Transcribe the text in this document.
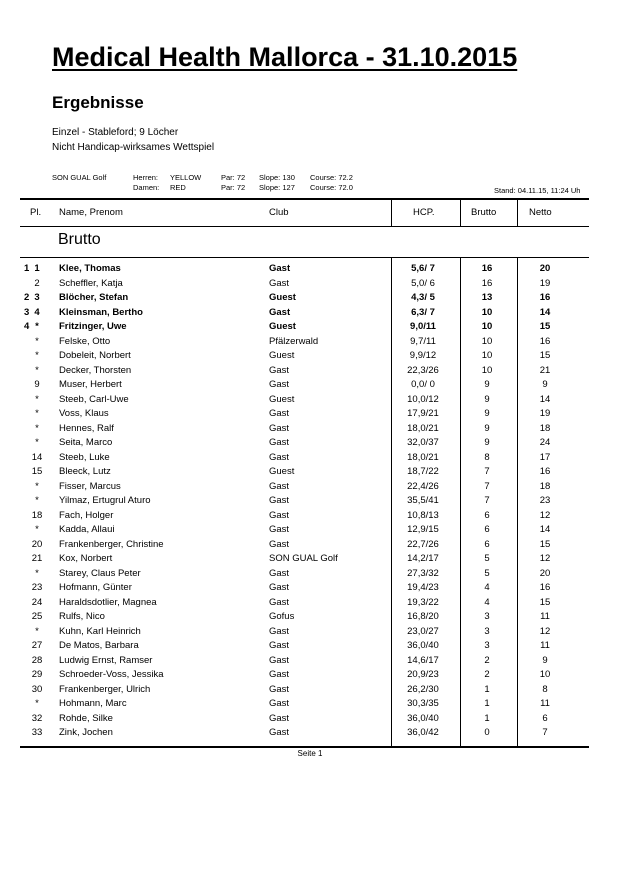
Medical Health Mallorca - 31.10.2015
Ergebnisse
Einzel - Stableford; 9 Löcher
Nicht Handicap-wirksames Wettspiel
SON GUAL Golf	Herren: YELLOW	Par: 72 Slope: 130 Course: 72.2
Damen: RED	Par: 72 Slope: 127 Course: 72.0	Stand: 04.11.15, 11:24 Uh
Pl. Name, Prenom	Club	HCP.	Brutto	Netto
Brutto
1 1	Klee, Thomas	Gast	5,6/ 7	16	20
2	Scheffler, Katja	Gast	5,0/ 6	16	19
2 3	Blöcher, Stefan	Guest	4,3/ 5	13	16
3 4	Kleinsman, Bertho	Gast	6,3/ 7	10	14
4 *	Fritzinger, Uwe	Guest	9,0/11	10	15
*	Felske, Otto	Pfälzerwald	9,7/11	10	16
*	Dobeleit, Norbert	Guest	9,9/12	10	15
*	Decker, Thorsten	Gast	22,3/26	10	21
9	Muser, Herbert	Gast	0,0/ 0	9	9
*	Steeb, Carl-Uwe	Guest	10,0/12	9	14
*	Voss, Klaus	Gast	17,9/21	9	19
*	Hennes, Ralf	Gast	18,0/21	9	18
*	Seita, Marco	Gast	32,0/37	9	24
14 Steeb, Luke	Gast	18,0/21	8	17
15 Bleeck, Lutz	Guest	18,7/22	7	16
*	Fisser, Marcus	Gast	22,4/26	7	18
*	Yilmaz, Ertugrul Aturo	Gast	35,5/41	7	23
18 Fach, Holger	Gast	10,8/13	6	12
*	Kadda, Allaui	Gast	12,9/15	6	14
20 Frankenberger, Christine	Gast	22,7/26	6	15
21 Kox, Norbert	SON GUAL Golf	14,2/17	5	12
*	Starey, Claus Peter	Gast	27,3/32	5	20
23 Hofmann, Günter	Gast	19,4/23	4	16
24 Haraldsdotlier, Magnea	Gast	19,3/22	4	15
25 Rulfs, Nico	Gofus	16,8/20	3	11
*	Kuhn, Karl Heinrich	Gast	23,0/27	3	12
27 De Matos, Barbara	Gast	36,0/40	3	11
28 Ludwig Ernst, Ramser	Gast	14,6/17	2	9
29 Schroeder-Voss, Jessika	Gast	20,9/23	2	10
30 Frankenberger, Ulrich	Gast	26,2/30	1	8
*	Hohmann, Marc	Gast	30,3/35	1	11
32 Rohde, Silke	Gast	36,0/40	1	6
33 Zink, Jochen	Gast	36,0/42	0	7
Seite 1
